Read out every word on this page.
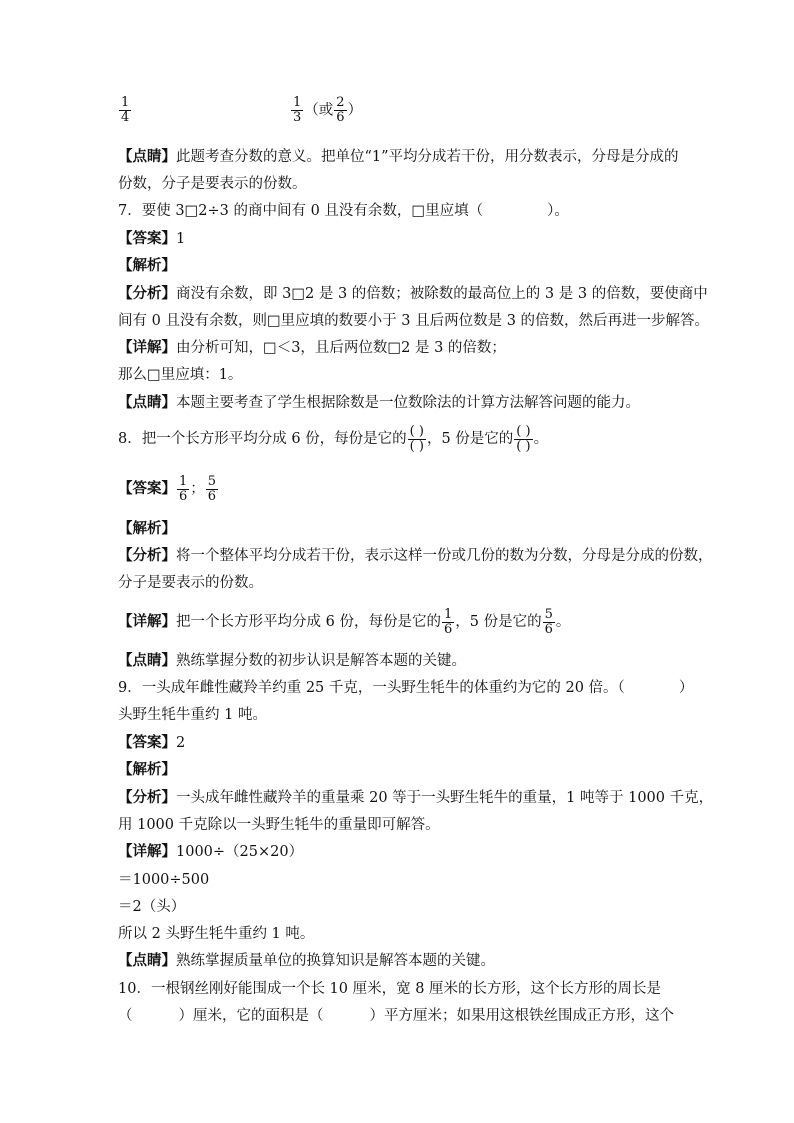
$\frac{1}{4}$	$\frac{1}{3}$ （或 $\frac{2}{6}$ ）
【点睛】此题考查分数的意义。把单位“1”平均分成若干份，用分数表示，分母是分成的
份数，分子是要表示的份数。
7．要使 3□2÷3 的商中间有 0 且没有余数，□里应填（	）。
【答案】1
【解析】
【分析】商没有余数，即 3□2 是 3 的倍数；被除数的最高位上的 3 是 3 的倍数，要使商中
间有 0 且没有余数，则□里应填的数要小于 3 且后两位数是 3 的倍数，然后再进一步解答。
【详解】由分析可知，□＜3，且后两位数□2 是 3 的倍数；
那么□里应填：1。
【点睛】本题主要考查了学生根据除数是一位数除法的计算方法解答问题的能力。
8．把一个长方形平均分成 6 份，每份是它的 $\frac{( )}{( )}$ ，5 份是它的 $\frac{( )}{( )}$ 。
【答案】 $\frac{1}{6}$ ； $\frac{5}{6}$
【解析】
【分析】将一个整体平均分成若干份，表示这样一份或几份的数为分数，分母是分成的份数，
分子是要表示的份数。
【详解】把一个长方形平均分成 6 份，每份是它的 $\frac{1}{6}$ ，5 份是它的 $\frac{5}{6}$ 。
【点睛】熟练掌握分数的初步认识是解答本题的关键。
9．一头成年雌性藏羚羊约重 25 千克，一头野生牦牛的体重约为它的 20 倍。（	）
头野生牦牛重约 1 吨。
【答案】2
【解析】
【分析】一头成年雌性藏羚羊的重量乘 20 等于一头野生牦牛的重量，1 吨等于 1000 千克，
用 1000 千克除以一头野生牦牛的重量即可解答。
【详解】1000÷（25×20）
＝1000÷500
＝2（头）
所以 2 头野生牦牛重约 1 吨。
【点睛】熟练掌握质量单位的换算知识是解答本题的关键。
10．一根钢丝刚好能围成一个长 10 厘米，宽 8 厘米的长方形，这个长方形的周长是
（	）厘米，它的面积是（	）平方厘米；如果用这根铁丝围成正方形，这个
